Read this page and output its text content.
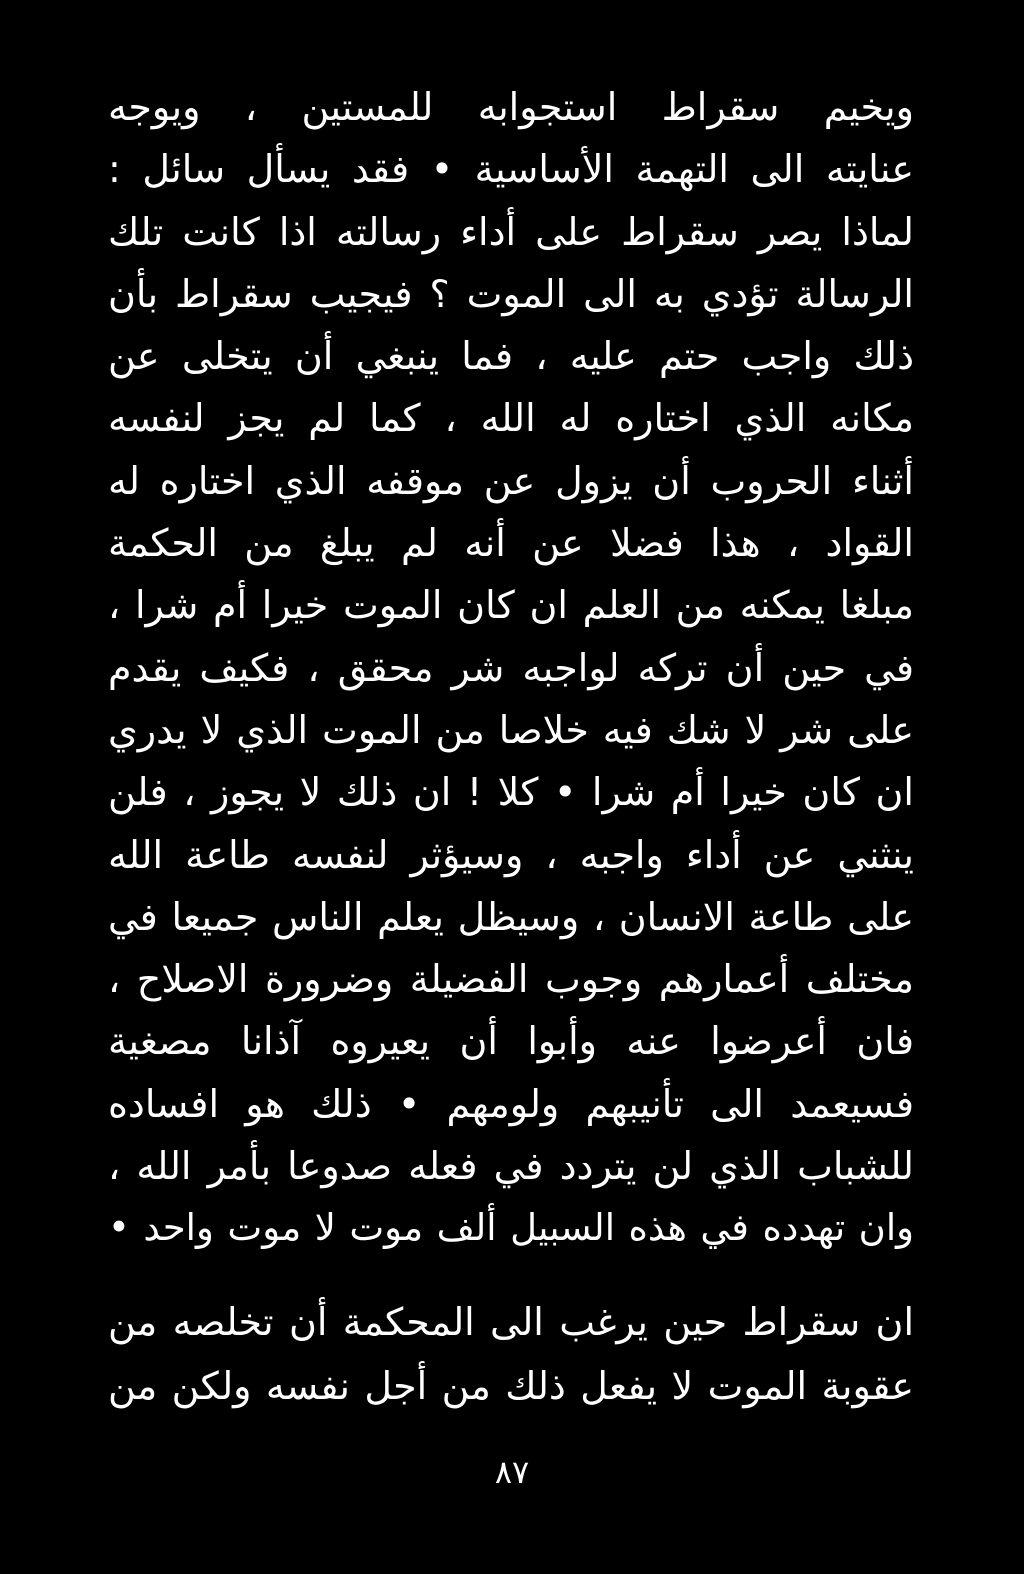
ويخيم سقراط استجوابه للمستين ، ويوجه
عنايته الى التهمة الأساسية • فقد يسأل سائل :
لماذا يصر سقراط على أداء رسالته اذا كانت تلك
الرسالة تؤدي به الى الموت ؟ فيجيب سقراط بأن
ذلك واجب حتم عليه ، فما ينبغي أن يتخلى عن
مكانه الذي اختاره له الله ، كما لم يجز لنفسه
أثناء الحروب أن يزول عن موقفه الذي اختاره له
القواد ، هذا فضلا عن أنه لم يبلغ من الحكمة
مبلغا يمكنه من العلم ان كان الموت خيرا أم شرا ،
في حين أن تركه لواجبه شر محقق ، فكيف يقدم
على شر لا شك فيه خلاصا من الموت الذي لا يدري
ان كان خيرا أم شرا • كلا ! ان ذلك لا يجوز ، فلن
ينثني عن أداء واجبه ، وسيؤثر لنفسه طاعة الله
على طاعة الانسان ، وسيظل يعلم الناس جميعا في
مختلف أعمارهم وجوب الفضيلة وضرورة الاصلاح ،
فان أعرضوا عنه وأبوا أن يعيروه آذانا مصغية
فسيعمد الى تأنيبهم ولومهم • ذلك هو افساده
للشباب الذي لن يتردد في فعله صدوعا بأمر الله ،
وان تهدده في هذه السبيل ألف موت لا موت واحد •
ان سقراط حين يرغب الى المحكمة أن تخلصه من
عقوبة الموت لا يفعل ذلك من أجل نفسه ولكن من
٨٧
